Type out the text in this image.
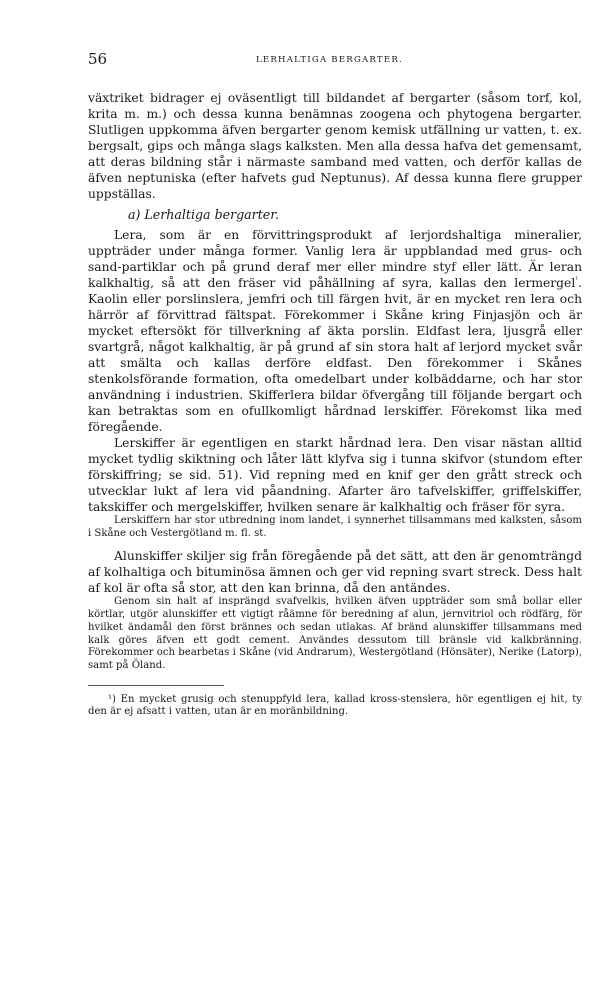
56	LERHALTIGA BERGARTER.

växtriket bidrager ej oväsentligt till bildandet af bergarter (såsom torf, kol, krita m. m.) och dessa kunna benämnas zoogena och phytogena bergarter. Slutligen uppkomma äfven bergarter genom kemisk utfällning ur vatten, t. ex. bergsalt, gips och många slags kalksten. Men alla dessa hafva det gemensamt, att deras bildning står i närmaste samband med vatten, och derför kallas de äfven neptuniska (efter hafvets gud Neptunus). Af dessa kunna flere grupper uppställas.

a) Lerhaltiga bergarter.

Lera, som är en förvittringsprodukt af lerjordshaltiga mineralier, uppträder under många former. Vanlig lera är uppblandad med grus- och sand-partiklar och på grund deraf mer eller mindre styf eller lätt. Är leran kalkhaltig, så att den fräser vid påhällning af syra, kallas den lermergel$^{^1}$. Kaolin eller porslinslera, jemfri och till färgen hvit, är en mycket ren lera och härrör af förvittrad fältspat. Förekommer i Skåne kring Finjasjön och är mycket eftersökt för tillverkning af äkta porslin. Eldfast lera, ljusgrå eller svartgrå, något kalkhaltig, är på grund af sin stora halt af lerjord mycket svår att smälta och kallas derföre eldfast. Den förekommer i Skånes stenkolsförande formation, ofta omedelbart under kolbäddarne, och har stor användning i industrien. Skifferlera bildar öfvergång till följande bergart och kan betraktas som en ofullkomligt hårdnad lerskiffer. Förekomst lika med föregående.

Lerskiffer är egentligen en starkt hårdnad lera. Den visar nästan alltid mycket tydlig skiktning och låter lätt klyfva sig i tunna skifvor (stundom efter förskiffring; se sid. 51). Vid repning med en knif ger den grått streck och utvecklar lukt af lera vid påandning. Afarter äro tafvelskiffer, griffelskiffer, takskiffer och mergelskiffer, hvilken senare är kalkhaltig och fräser för syra.

Lerskiffern har stor utbredning inom landet, i synnerhet tillsammans med kalksten, såsom i Skåne och Vestergötland m. fl. st.

Alunskiffer skiljer sig från föregående på det sätt, att den är genomträngd af kolhaltiga och bituminösa ämnen och ger vid repning svart streck. Dess halt af kol är ofta så stor, att den kan brinna, då den antändes.

Genom sin halt af insprängd svafvelkis, hvilken äfven uppträder som små bollar eller körtlar, utgör alunskiffer ett vigtigt råämne för beredning af alun, jernvitriol och rödfärg, för hvilket ändamål den först brännes och sedan utlakas. Af bränd alunskiffer tillsammans med kalk göres äfven ett godt cement. Användes dessutom till bränsle vid kalkbränning. Förekommer och bearbetas i Skåne (vid Andrarum), Westergötland (Hönsäter), Nerike (Latorp), samt på Öland.

¹) En mycket grusig och stenuppfyld lera, kallad kross-stenslera, hör egentligen ej hit, ty den är ej afsatt i vatten, utan är en moränbildning.
